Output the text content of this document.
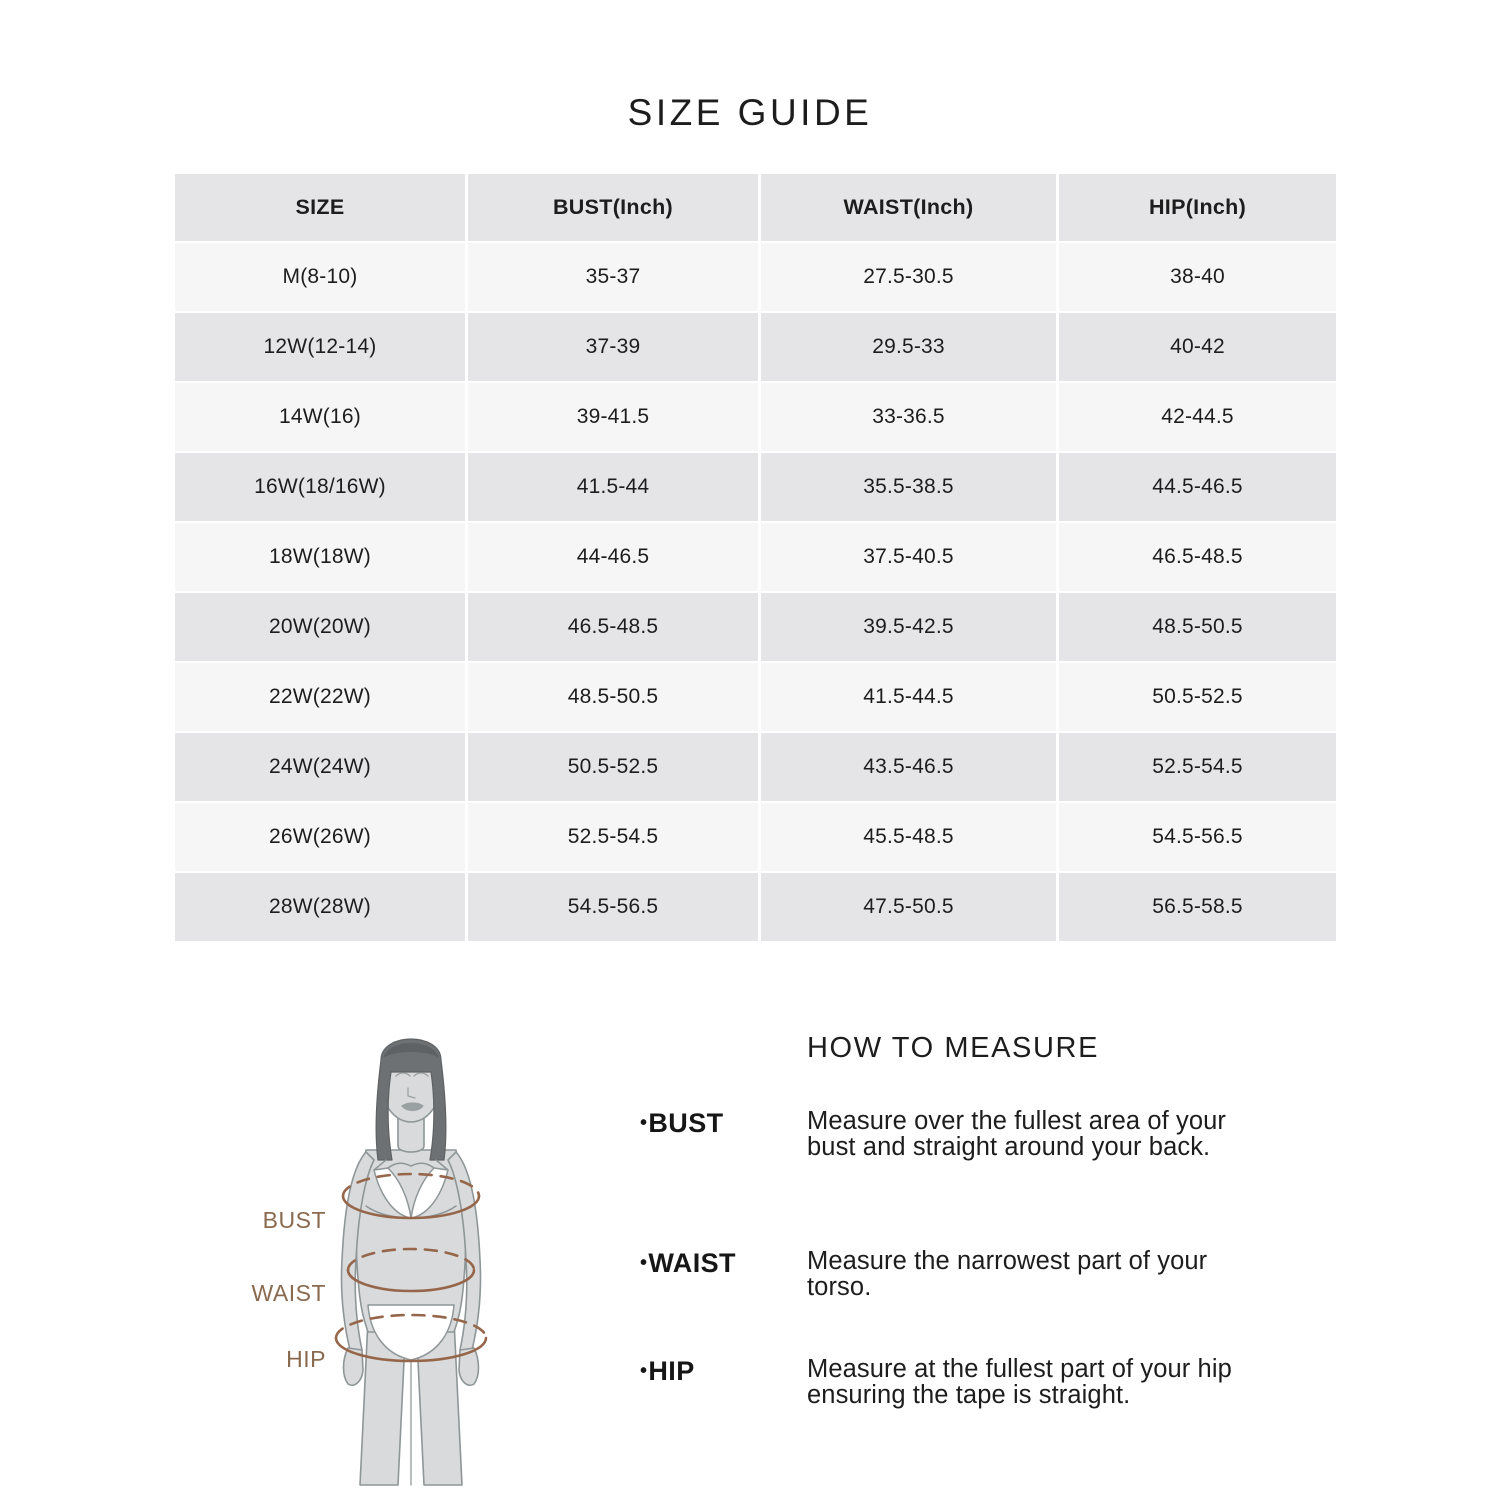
SIZE GUIDE
SIZE	BUST(Inch)	WAIST(Inch)	HIP(Inch)
M(8-10)	35-37	27.5-30.5	38-40
12W(12-14)	37-39	29.5-33	40-42
14W(16)	39-41.5	33-36.5	42-44.5
16W(18/16W)	41.5-44	35.5-38.5	44.5-46.5
18W(18W)	44-46.5	37.5-40.5	46.5-48.5
20W(20W)	46.5-48.5	39.5-42.5	48.5-50.5
22W(22W)	48.5-50.5	41.5-44.5	50.5-52.5
24W(24W)	50.5-52.5	43.5-46.5	52.5-54.5
26W(26W)	52.5-54.5	45.5-48.5	54.5-56.5
28W(28W)	54.5-56.5	47.5-50.5	56.5-58.5
BUST
WAIST
HIP
HOW TO MEASURE
•BUST	Measure over the fullest area of your bust and straight around your back.
•WAIST	Measure the narrowest part of your torso.
•HIP	Measure at the fullest part of your hip ensuring the tape is straight.
